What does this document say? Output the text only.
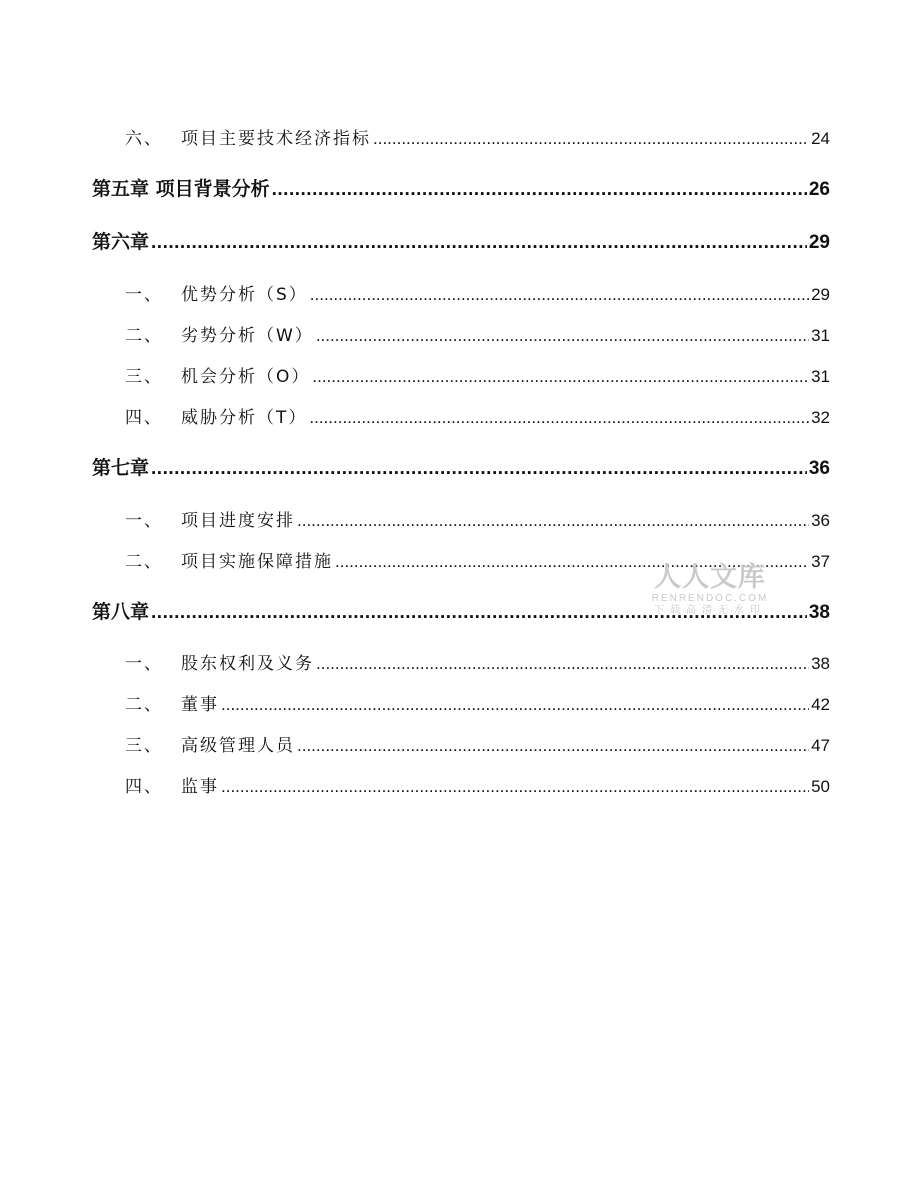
六、 项目主要技术经济指标 .....	24
第五章 项目背景分析 .....	26
第六章 .....	29
一、 优势分析（S） .....	29
二、 劣势分析（W） .....	31
三、 机会分析（O） .....	31
四、 威胁分析（T） .....	32
第七章 .....	36
一、 项目进度安排 .....	36
二、 项目实施保障措施 .....	37
第八章 .....	38
一、 股东权利及义务 .....	38
二、 董事 .....	42
三、 高级管理人员 .....	47
四、 监事 .....	50
人人文库
RENRENDOC.COM
下载高清无水印
